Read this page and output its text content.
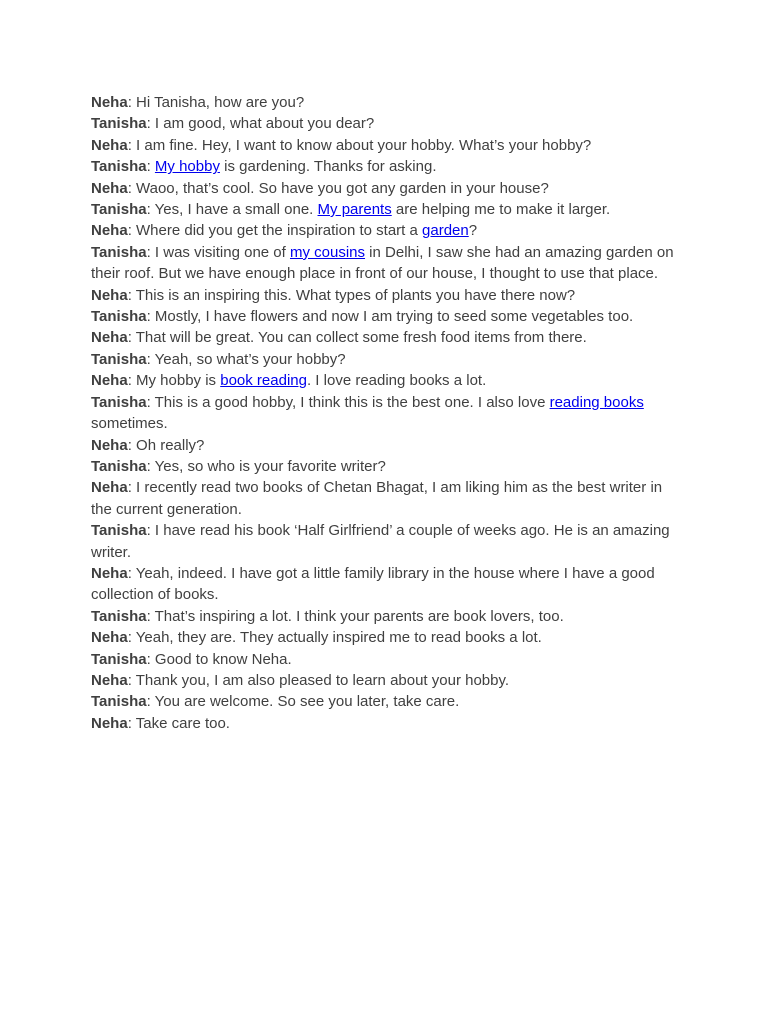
Neha: Hi Tanisha, how are you?
Tanisha: I am good, what about you dear?
Neha: I am fine. Hey, I want to know about your hobby. What’s your hobby?
Tanisha: My hobby is gardening. Thanks for asking.
Neha: Waoo, that’s cool. So have you got any garden in your house?
Tanisha: Yes, I have a small one. My parents are helping me to make it larger.
Neha: Where did you get the inspiration to start a garden?
Tanisha: I was visiting one of my cousins in Delhi, I saw she had an amazing garden on their roof. But we have enough place in front of our house, I thought to use that place.
Neha: This is an inspiring this. What types of plants you have there now?
Tanisha: Mostly, I have flowers and now I am trying to seed some vegetables too.
Neha: That will be great. You can collect some fresh food items from there.
Tanisha: Yeah, so what’s your hobby?
Neha: My hobby is book reading. I love reading books a lot.
Tanisha: This is a good hobby, I think this is the best one. I also love reading books sometimes.
Neha: Oh really?
Tanisha: Yes, so who is your favorite writer?
Neha: I recently read two books of Chetan Bhagat, I am liking him as the best writer in the current generation.
Tanisha: I have read his book ‘Half Girlfriend’ a couple of weeks ago. He is an amazing writer.
Neha: Yeah, indeed. I have got a little family library in the house where I have a good collection of books.
Tanisha: That’s inspiring a lot. I think your parents are book lovers, too.
Neha: Yeah, they are. They actually inspired me to read books a lot.
Tanisha: Good to know Neha.
Neha: Thank you, I am also pleased to learn about your hobby.
Tanisha: You are welcome. So see you later, take care.
Neha: Take care too.
